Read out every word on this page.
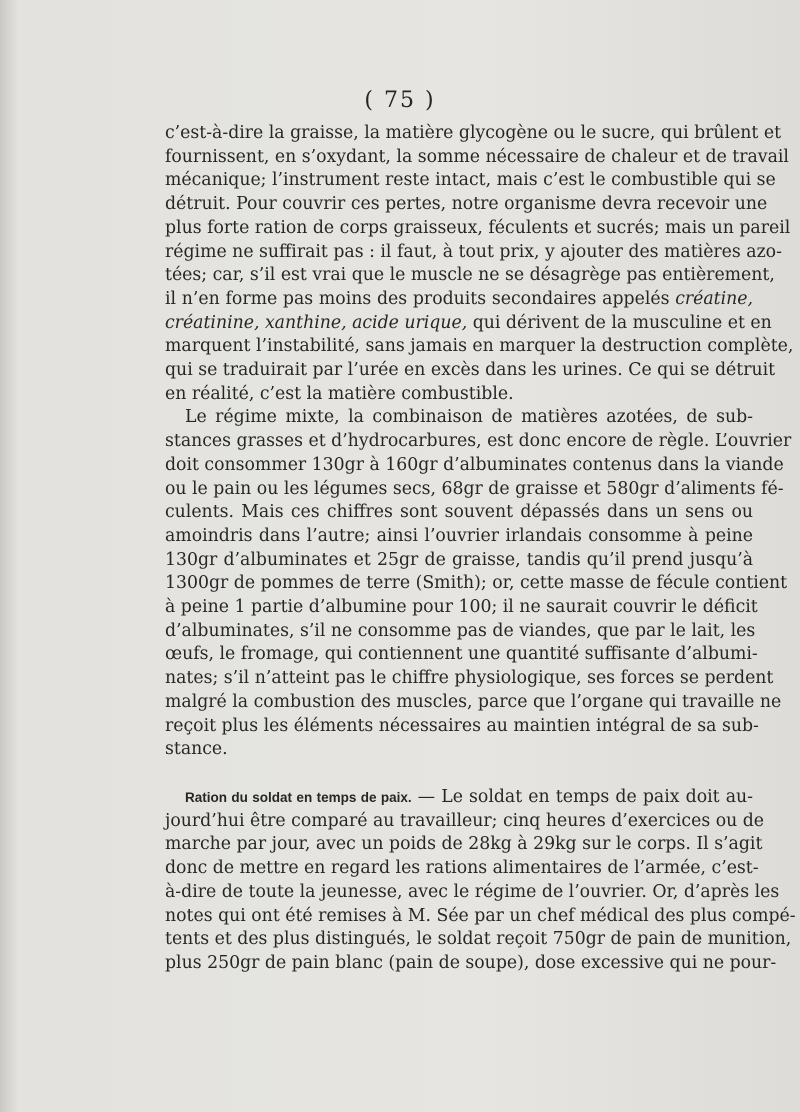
( 75 )
c’est-à-dire la graisse, la matière glycogène ou le sucre, qui brûlent et
fournissent, en s’oxydant, la somme nécessaire de chaleur et de travail
mécanique; l’instrument reste intact, mais c’est le combustible qui se
détruit. Pour couvrir ces pertes, notre organisme devra recevoir une
plus forte ration de corps graisseux, féculents et sucrés; mais un pareil
régime ne suffirait pas : il faut, à tout prix, y ajouter des matières azo-
tées; car, s’il est vrai que le muscle ne se désagrège pas entièrement,
il n’en forme pas moins des produits secondaires appelés créatine,
créatinine, xanthine, acide urique, qui dérivent de la musculine et en
marquent l’instabilité, sans jamais en marquer la destruction complète,
qui se traduirait par l’urée en excès dans les urines. Ce qui se détruit
en réalité, c’est la matière combustible.
Le régime mixte, la combinaison de matières azotées, de sub-
stances grasses et d’hydrocarbures, est donc encore de règle. L’ouvrier
doit consommer 130gr à 160gr d’albuminates contenus dans la viande
ou le pain ou les légumes secs, 68gr de graisse et 580gr d’aliments fé-
culents. Mais ces chiffres sont souvent dépassés dans un sens ou
amoindris dans l’autre; ainsi l’ouvrier irlandais consomme à peine
130gr d’albuminates et 25gr de graisse, tandis qu’il prend jusqu’à
1300gr de pommes de terre (Smith); or, cette masse de fécule contient
à peine 1 partie d’albumine pour 100; il ne saurait couvrir le déficit
d’albuminates, s’il ne consomme pas de viandes, que par le lait, les
œufs, le fromage, qui contiennent une quantité suffisante d’albumi-
nates; s’il n’atteint pas le chiffre physiologique, ses forces se perdent
malgré la combustion des muscles, parce que l’organe qui travaille ne
reçoit plus les éléments nécessaires au maintien intégral de sa sub-
stance.
Ration du soldat en temps de paix. — Le soldat en temps de paix doit au-
jourd’hui être comparé au travailleur; cinq heures d’exercices ou de
marche par jour, avec un poids de 28kg à 29kg sur le corps. Il s’agit
donc de mettre en regard les rations alimentaires de l’armée, c’est-
à-dire de toute la jeunesse, avec le régime de l’ouvrier. Or, d’après les
notes qui ont été remises à M. Sée par un chef médical des plus compé-
tents et des plus distingués, le soldat reçoit 750gr de pain de munition,
plus 250gr de pain blanc (pain de soupe), dose excessive qui ne pour-
